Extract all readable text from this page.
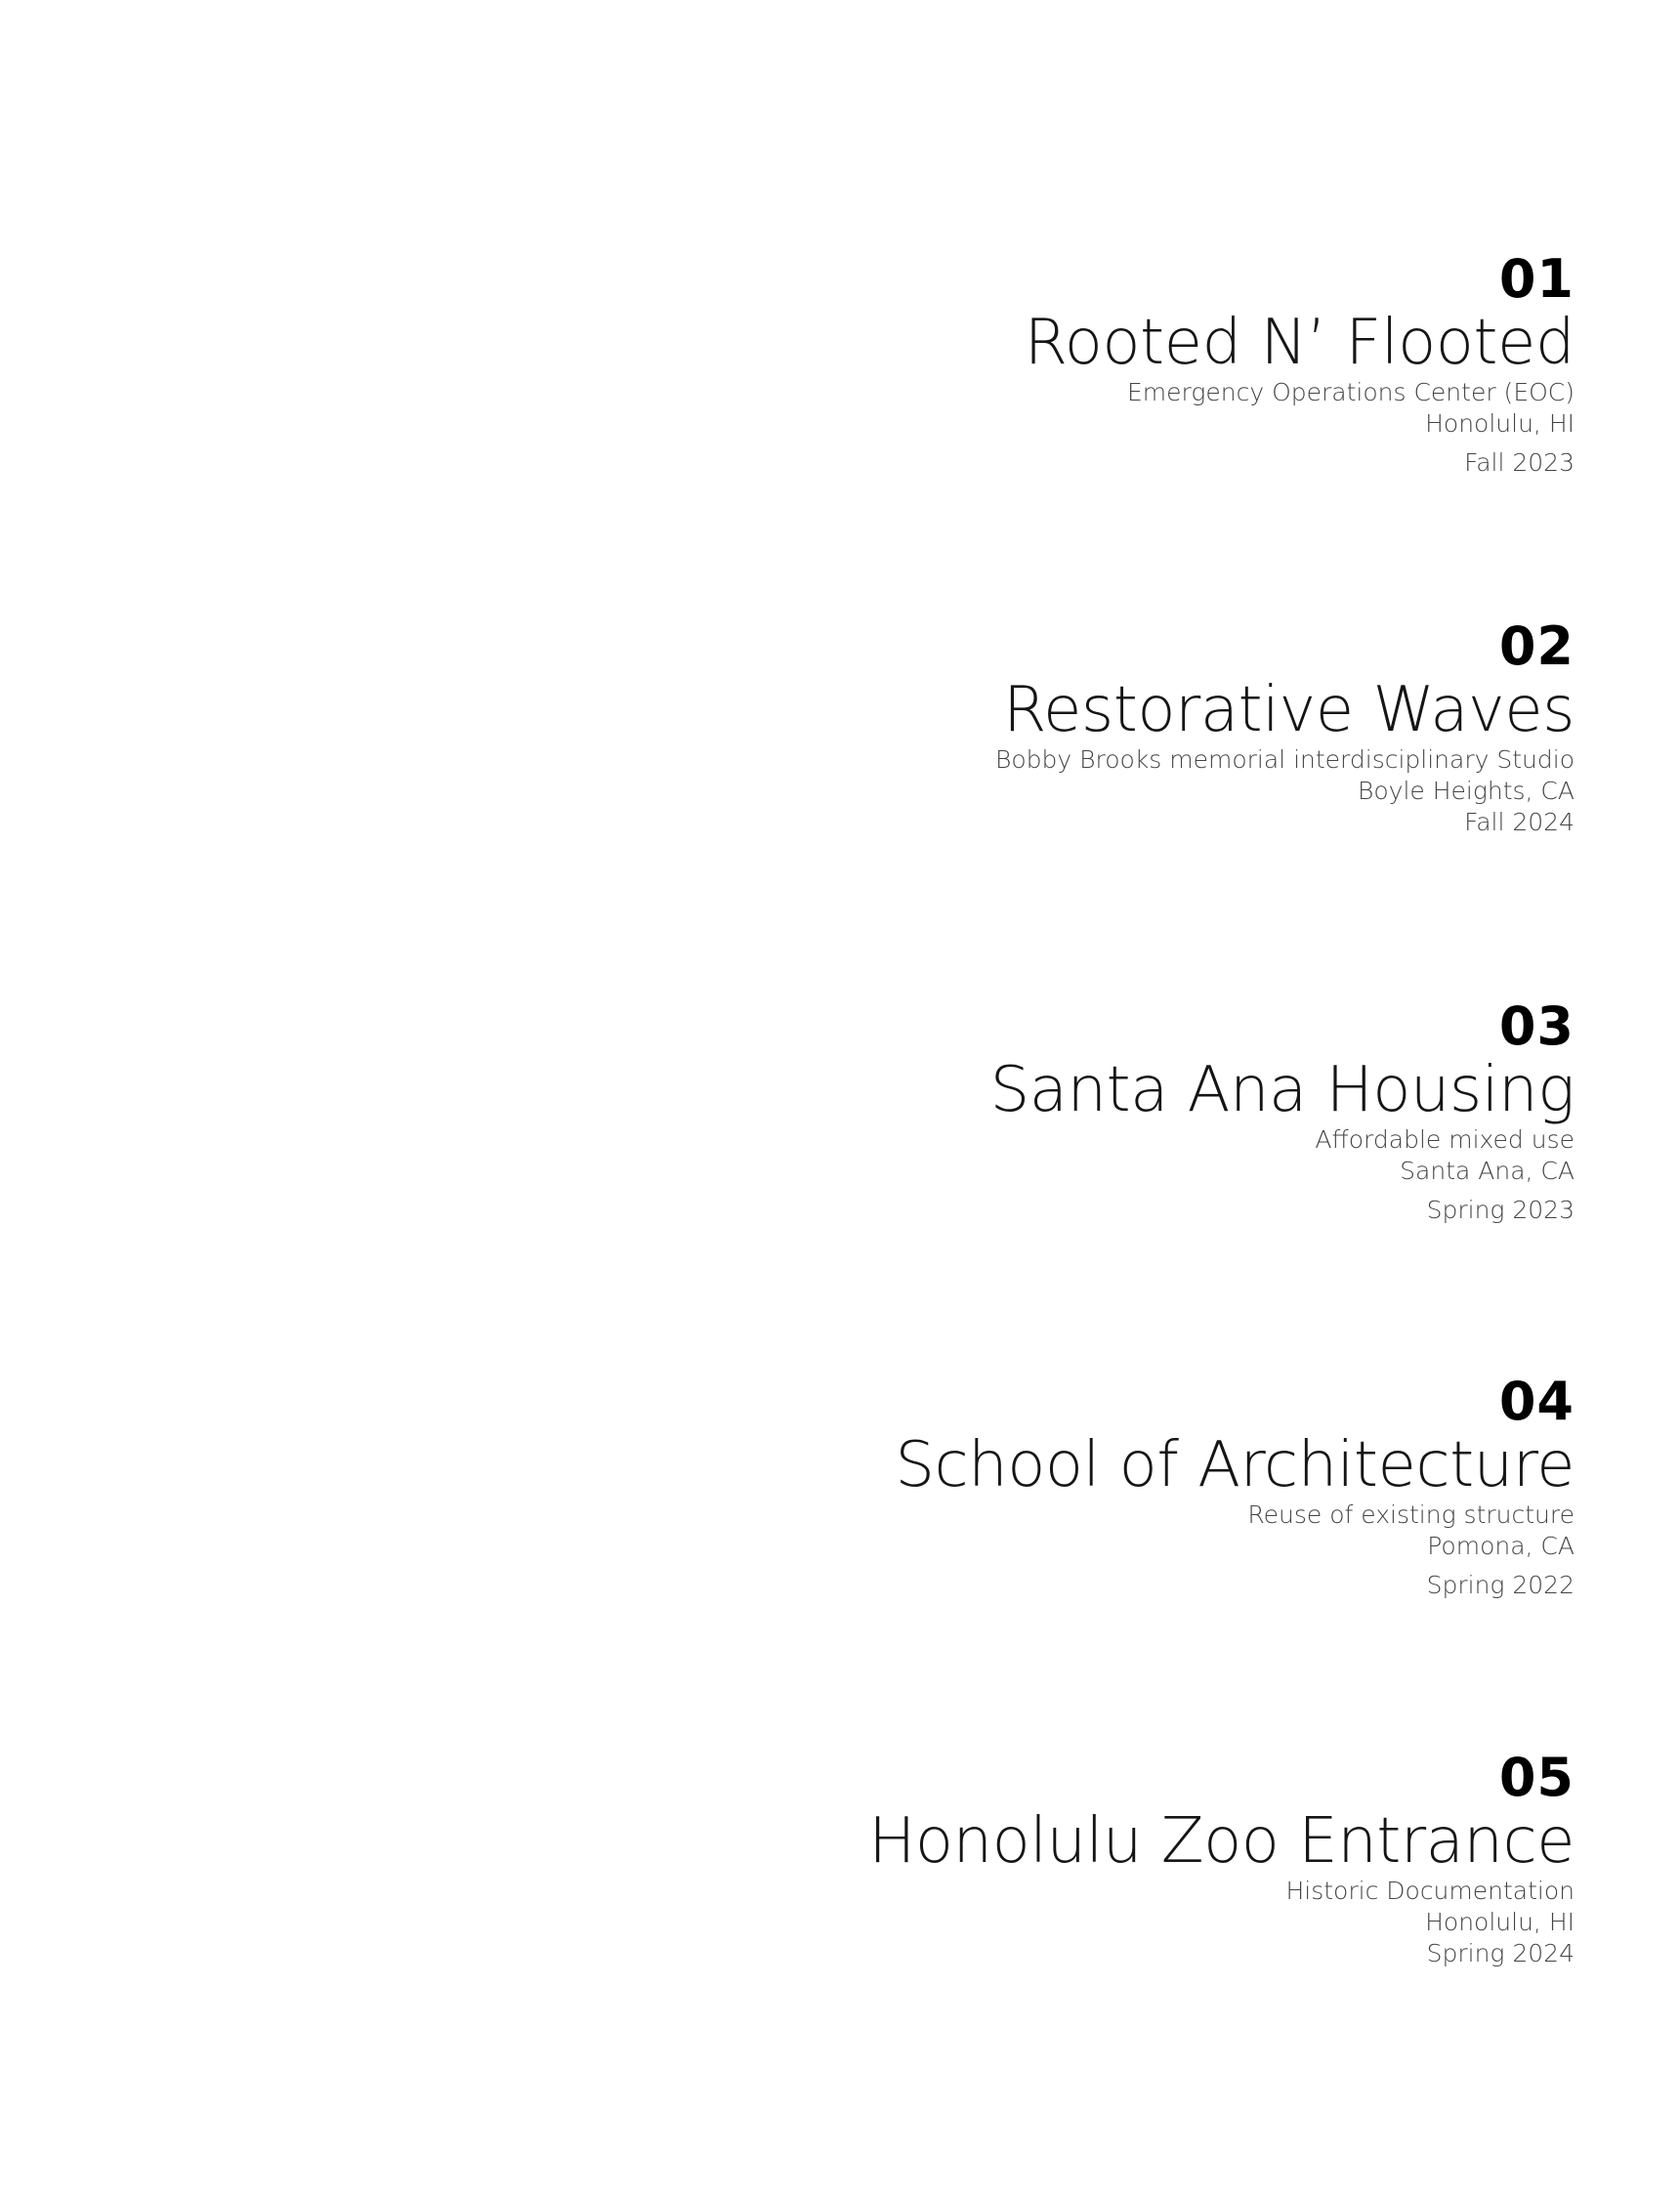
01
Rooted N’ Flooted
Emergency Operations Center (EOC)
Honolulu, HI
Fall 2023
02
Restorative Waves
Bobby Brooks memorial interdisciplinary Studio
Boyle Heights, CA
Fall 2024
03
Santa Ana Housing
Affordable mixed use
Santa Ana, CA
Spring 2023
04
School of Architecture
Reuse of existing structure
Pomona, CA
Spring 2022
05
Honolulu Zoo Entrance
Historic Documentation
Honolulu, HI
Spring 2024
